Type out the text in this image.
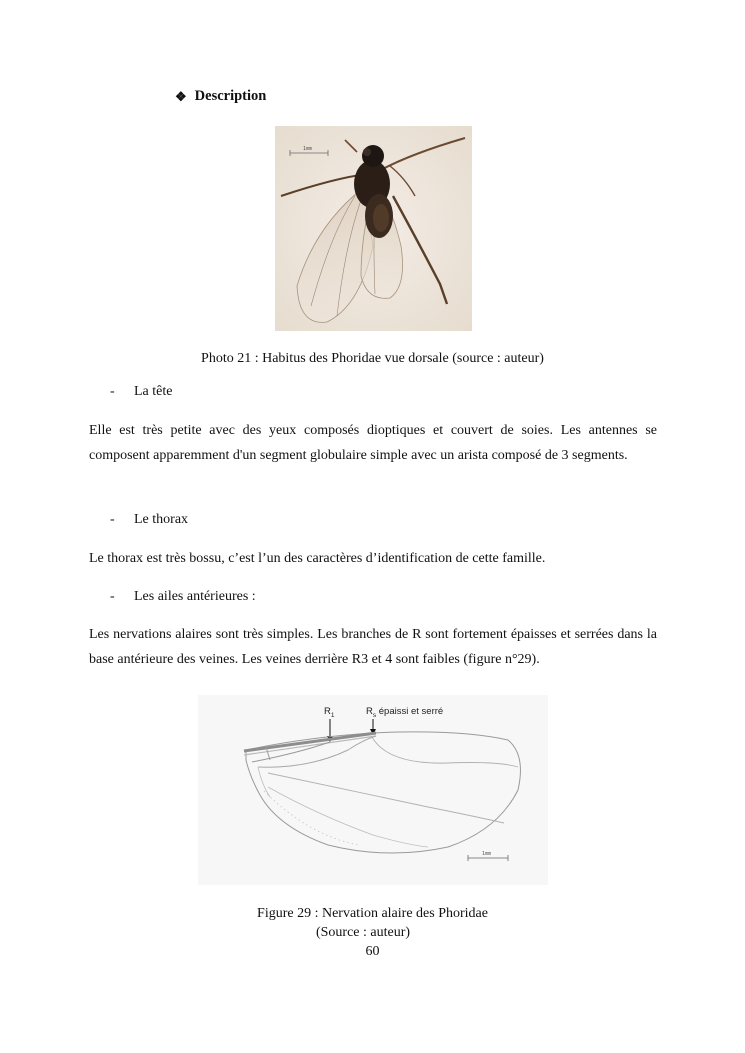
❖ Description
1mm
Photo 21 : Habitus des Phoridae vue dorsale (source : auteur)
- La tête
Elle est très petite avec des yeux composés dioptiques et couvert de soies. Les antennes se composent apparemment d'un segment globulaire simple avec un arista composé de 3 segments.
- Le thorax
Le thorax est très bossu, c’est l’un des caractères d’identification de cette famille.
- Les ailes antérieures :
Les nervations alaires sont très simples. Les branches de R sont fortement épaisses et serrées dans la base antérieure des veines. Les veines derrière R3 et 4 sont faibles (figure n°29).
$R_1$	$R_s$ épaissi et serré
1mm
Figure 29 : Nervation alaire des Phoridae
(Source : auteur)
60
